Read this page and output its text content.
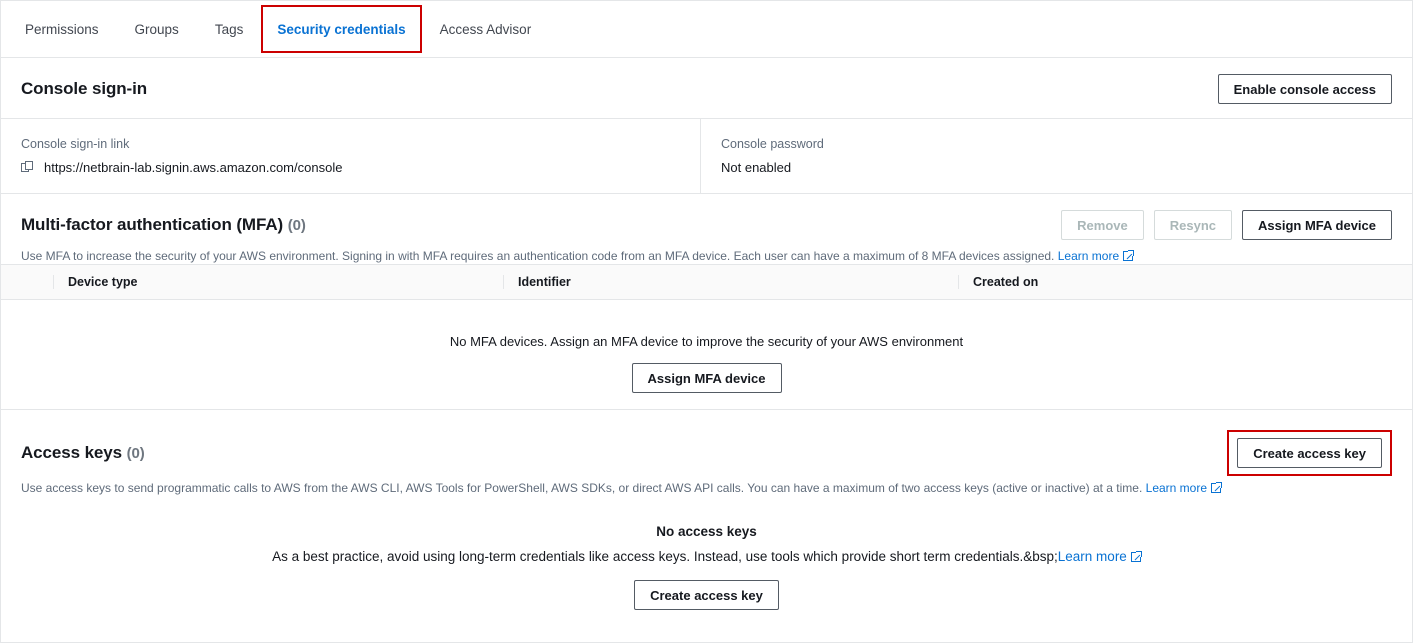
Permissions	Groups	Tags	Security credentials	Access Advisor
Console sign-in	Enable console access
Console sign-in link
https://netbrain-lab.signin.aws.amazon.com/console
Console password
Not enabled
Multi-factor authentication (MFA) (0)	Remove	Resync	Assign MFA device
Use MFA to increase the security of your AWS environment. Signing in with MFA requires an authentication code from an MFA device. Each user can have a maximum of 8 MFA devices assigned. Learn more

Device type	Identifier	Created on

No MFA devices. Assign an MFA device to improve the security of your AWS environment
Assign MFA device
Access keys (0)	Create access key
Use access keys to send programmatic calls to AWS from the AWS CLI, AWS Tools for PowerShell, AWS SDKs, or direct AWS API calls. You can have a maximum of two access keys (active or inactive) at a time. Learn more
No access keys
As a best practice, avoid using long-term credentials like access keys. Instead, use tools which provide short term credentials.&bsp;Learn more
Create access key
